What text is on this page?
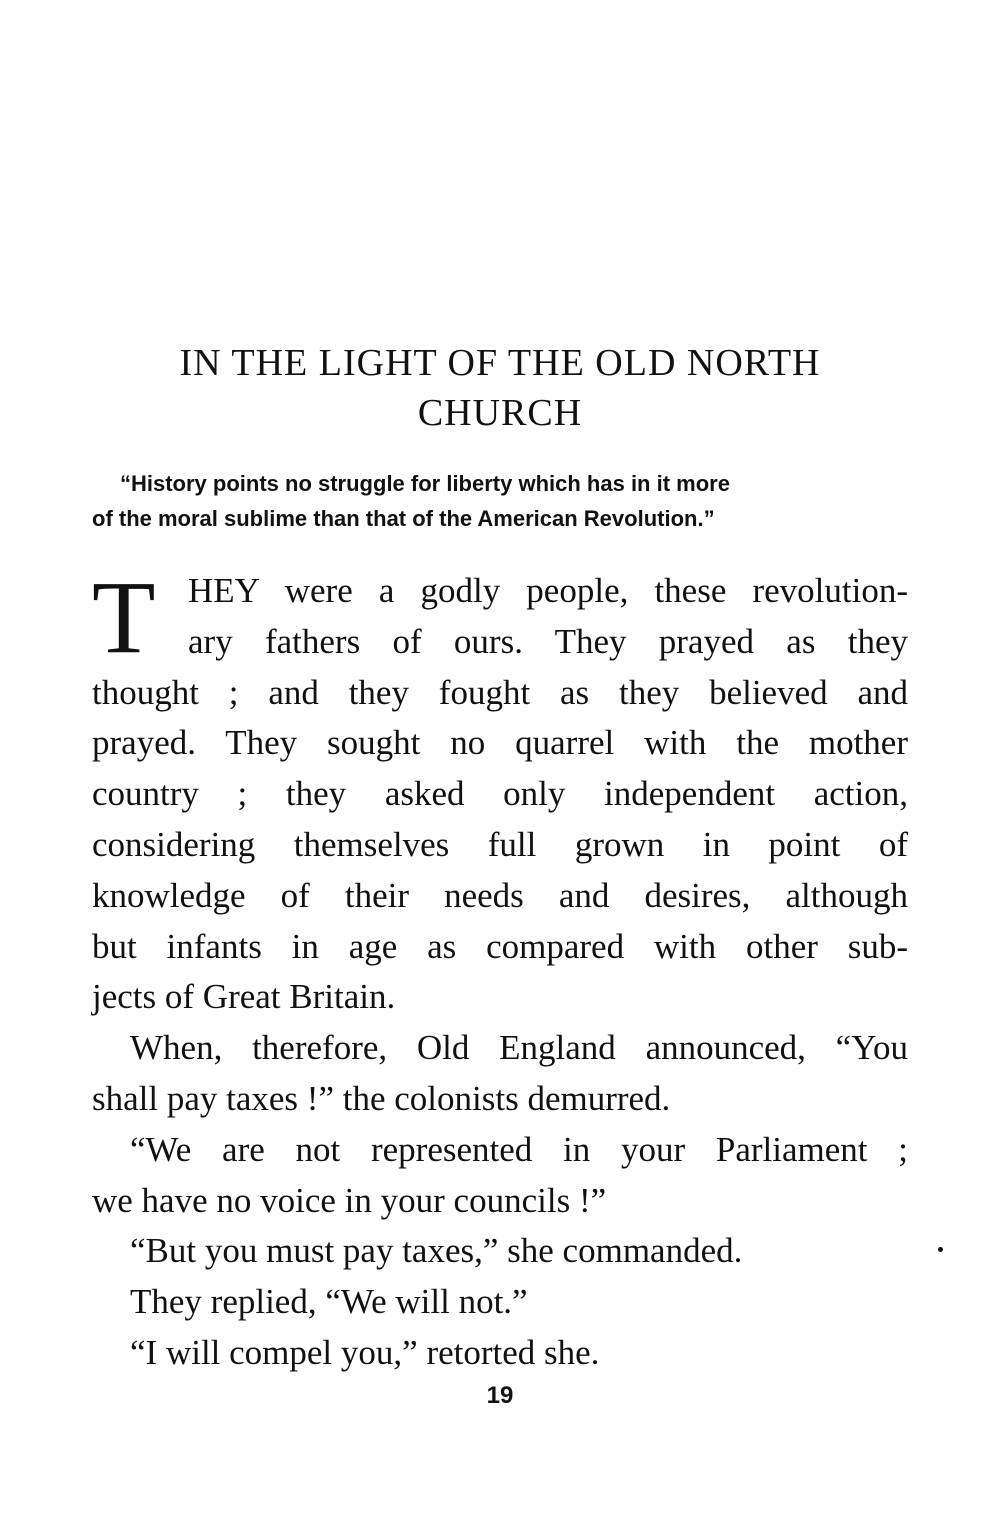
IN THE LIGHT OF THE OLD NORTH
CHURCH
“History points no struggle for liberty which has in it more
of the moral sublime than that of the American Revolution.”
T HEY were a godly people, these revolution-
ary fathers of ours. They prayed as they
thought ; and they fought as they believed and
prayed. They sought no quarrel with the mother
country ; they asked only independent action,
considering themselves full grown in point of
knowledge of their needs and desires, although
but infants in age as compared with other sub-
jects of Great Britain.
When, therefore, Old England announced, “You
shall pay taxes !” the colonists demurred.
“We are not represented in your Parliament ;
we have no voice in your councils !”
“But you must pay taxes,” she commanded.
They replied, “We will not.”
“I will compel you,” retorted she.
19
